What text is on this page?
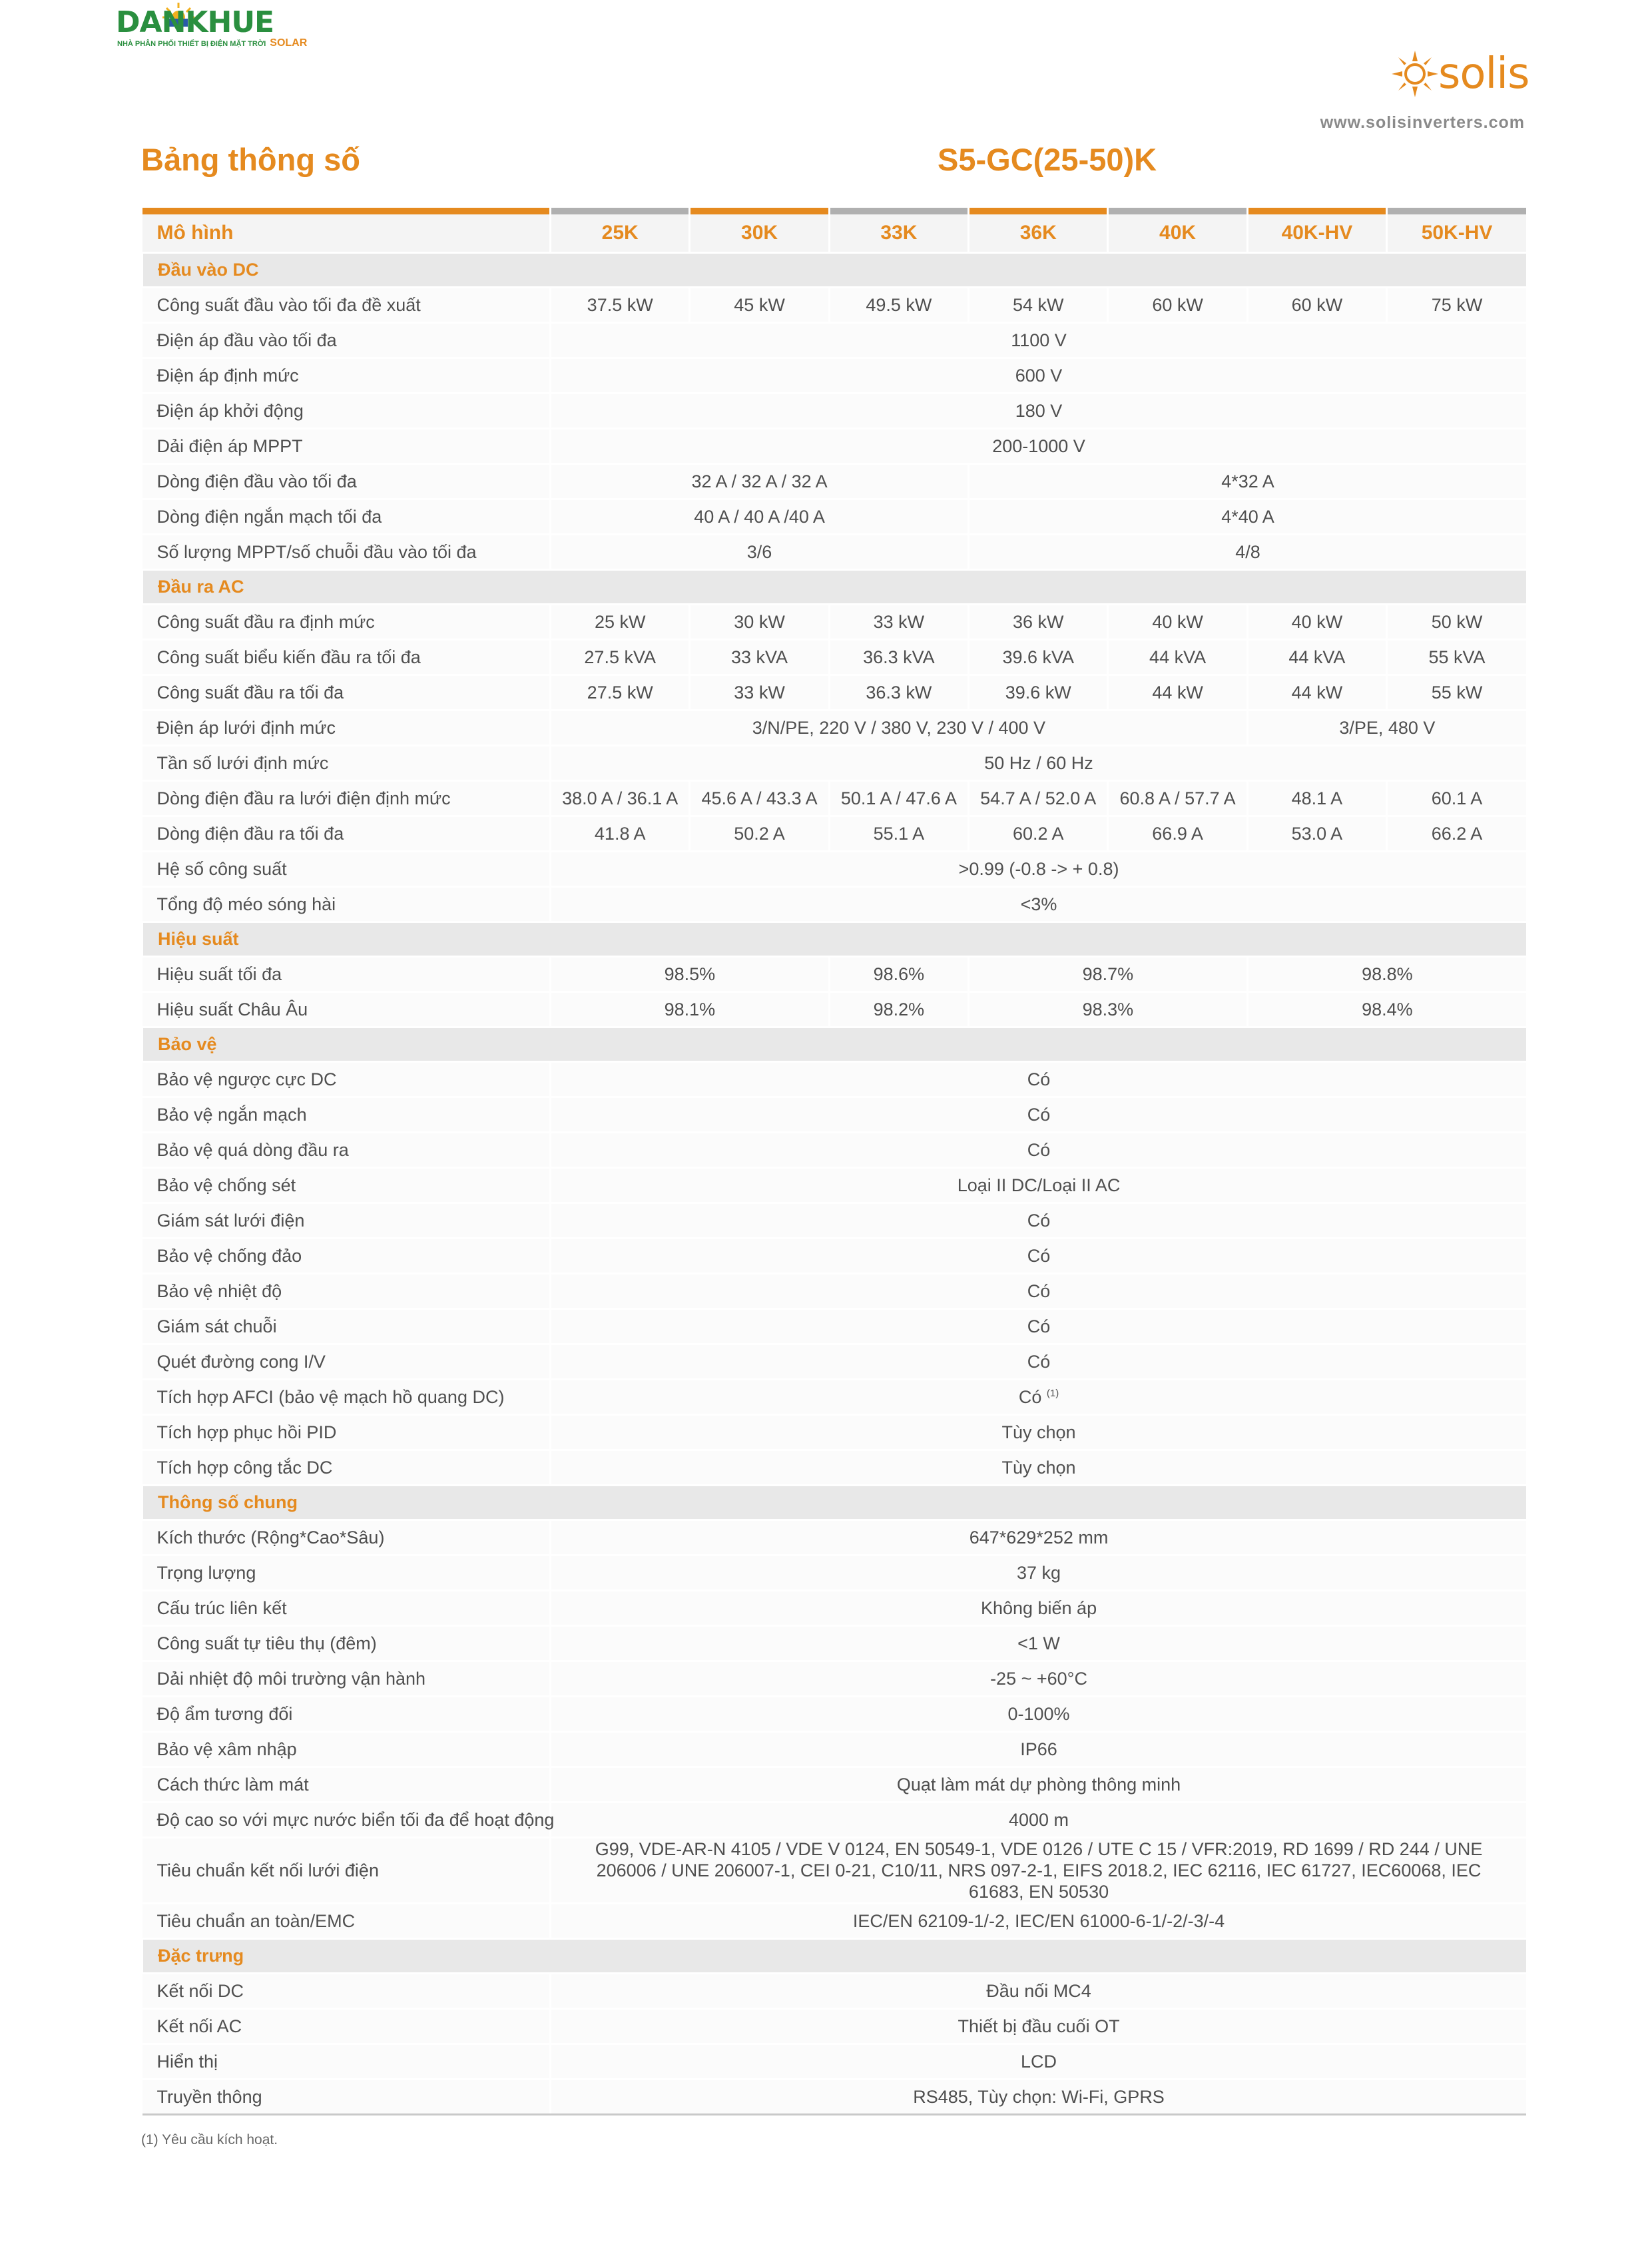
DANKHUE
NHÀ PHÂN PHỐI THIẾT BỊ ĐIỆN MẶT TRỜI SOLAR
solis
www.solisinverters.com
Bảng thông số	S5-GC(25-50)K

Mô hình	25K	30K	33K	36K	40K	40K-HV	50K-HV
Đầu vào DC							
Công suất đầu vào tối đa đề xuất	37.5 kW	45 kW	49.5 kW	54 kW	60 kW	60 kW	75 kW
Điện áp đầu vào tối đa	1100 V						
Điện áp định mức	600 V						
Điện áp khởi động	180 V						
Dải điện áp MPPT	200-1000 V						
Dòng điện đầu vào tối đa	32 A / 32 A / 32 A			4*32 A			
Dòng điện ngắn mạch tối đa	40 A / 40 A /40 A			4*40 A			
Số lượng MPPT/số chuỗi đầu vào tối đa	3/6			4/8			
Đầu ra AC							
Công suất đầu ra định mức	25 kW	30 kW	33 kW	36 kW	40 kW	40 kW	50 kW
Công suất biểu kiến đầu ra tối đa	27.5 kVA	33 kVA	36.3 kVA	39.6 kVA	44 kVA	44 kVA	55 kVA
Công suất đầu ra tối đa	27.5 kW	33 kW	36.3 kW	39.6 kW	44 kW	44 kW	55 kW
Điện áp lưới định mức	3/N/PE, 220 V / 380 V, 230 V / 400 V					3/PE, 480 V	
Tần số lưới định mức	50 Hz / 60 Hz						
Dòng điện đầu ra lưới điện định mức	38.0 A / 36.1 A	45.6 A / 43.3 A	50.1 A / 47.6 A	54.7 A / 52.0 A	60.8 A / 57.7 A	48.1 A	60.1 A
Dòng điện đầu ra tối đa	41.8 A	50.2 A	55.1 A	60.2 A	66.9 A	53.0 A	66.2 A
Hệ số công suất	>0.99 (-0.8 -> + 0.8)						
Tổng độ méo sóng hài	<3%						
Hiệu suất							
Hiệu suất tối đa	98.5%		98.6%	98.7%		98.8%	
Hiệu suất Châu Âu	98.1%		98.2%	98.3%		98.4%	
Bảo vệ							
Bảo vệ ngược cực DC	Có						
Bảo vệ ngắn mạch	Có						
Bảo vệ quá dòng đầu ra	Có						
Bảo vệ chống sét	Loại II DC/Loại II AC						
Giám sát lưới điện	Có						
Bảo vệ chống đảo	Có						
Bảo vệ nhiệt độ	Có						
Giám sát chuỗi	Có						
Quét đường cong I/V	Có						
Tích hợp AFCI (bảo vệ mạch hồ quang DC)	Có $^{(1)}$
Tích hợp phục hồi PID	Tùy chọn						
Tích hợp công tắc DC	Tùy chọn						
Thông số chung							
Kích thước (Rộng*Cao*Sâu)	647*629*252 mm						
Trọng lượng	37 kg						
Cấu trúc liên kết	Không biến áp						
Công suất tự tiêu thụ (đêm)	<1 W						
Dải nhiệt độ môi trường vận hành	-25 ~ +60°C						
Độ ẩm tương đối	0-100%						
Bảo vệ xâm nhập	IP66						
Cách thức làm mát	Quạt làm mát dự phòng thông minh						
Độ cao so với mực nước biển tối đa để hoạt động	4000 m						
Tiêu chuẩn kết nối lưới điện	G99, VDE-AR-N 4105 / VDE V 0124, EN 50549-1, VDE 0126 / UTE C 15 / VFR:2019, RD 1699 / RD 244 / UNE 206006 / UNE 206007-1, CEI 0-21, C10/11, NRS 097-2-1, EIFS 2018.2, IEC 62116, IEC 61727, IEC60068, IEC 61683, EN 50530						
Tiêu chuẩn an toàn/EMC	IEC/EN 62109-1/-2, IEC/EN 61000-6-1/-2/-3/-4						
Đặc trưng							
Kết nối DC	Đầu nối MC4						
Kết nối AC	Thiết bị đầu cuối OT						
Hiển thị	LCD						
Truyền thông	RS485, Tùy chọn: Wi-Fi, GPRS						
(1) Yêu cầu kích hoạt.
